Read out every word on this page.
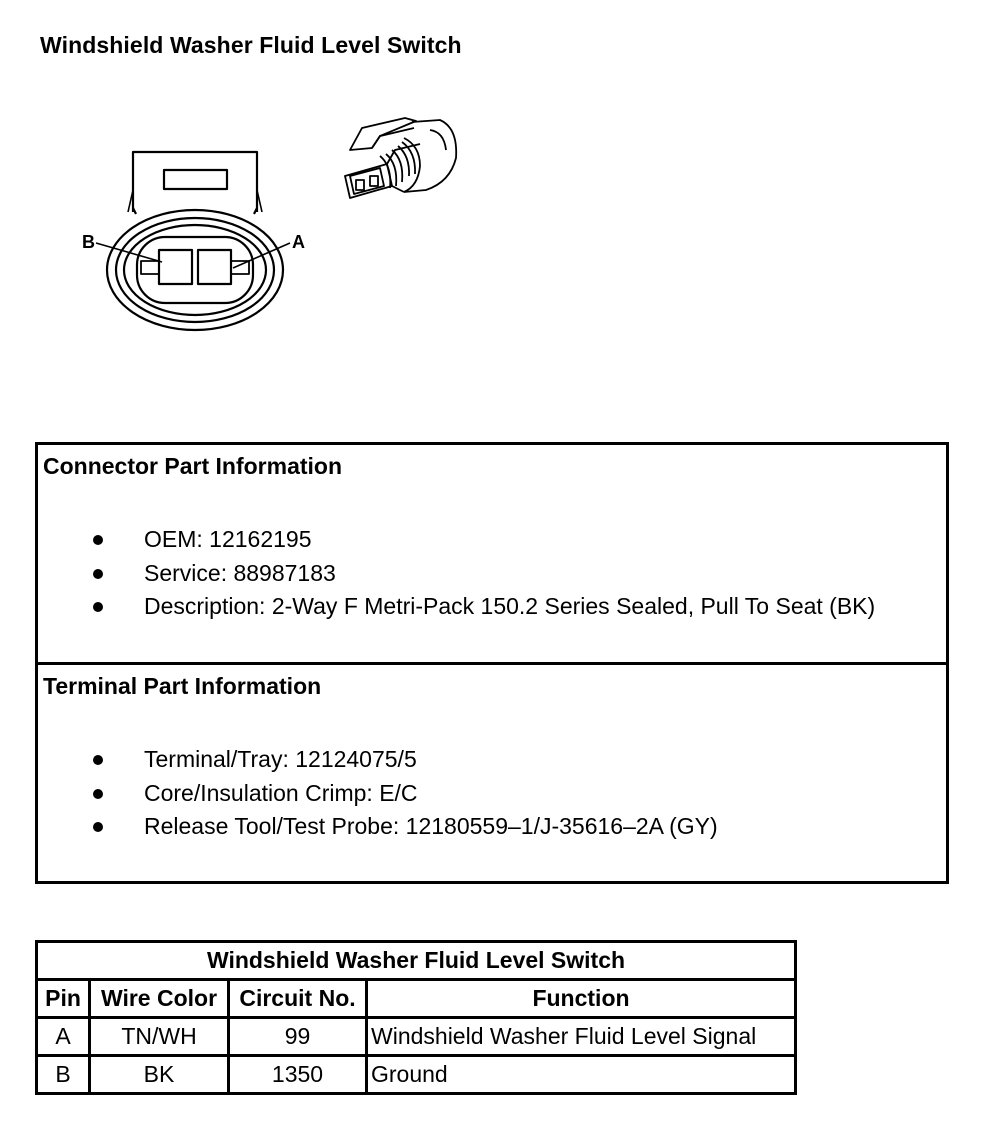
Windshield Washer Fluid Level Switch
B	A
Connector Part Information
OEM: 12162195
Service: 88987183
Description: 2-Way F Metri-Pack 150.2 Series Sealed, Pull To Seat (BK)
Terminal Part Information
Terminal/Tray: 12124075/5
Core/Insulation Crimp: E/C
Release Tool/Test Probe: 12180559–1/J-35616–2A (GY)
Windshield Washer Fluid Level Switch			
Pin	Wire Color	Circuit No.	Function
A	TN/WH	99	Windshield Washer Fluid Level Signal
B	BK	1350	Ground
